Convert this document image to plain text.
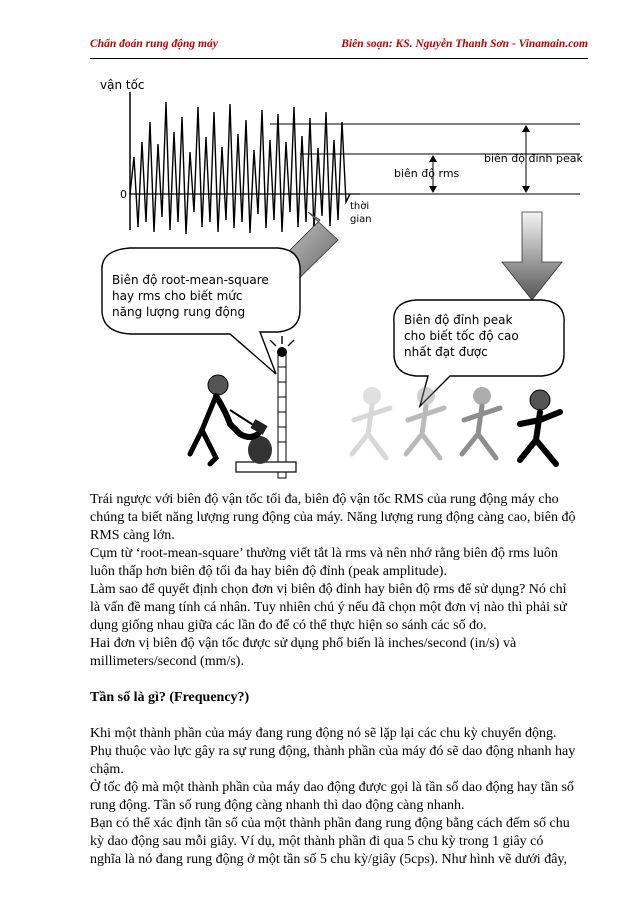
Chẩn đoán rung động máy	Biên soạn: KS. Nguyễn Thanh Sơn - Vinamain.com
vận tốc
0
thời
gian
biên độ rms
biên độ đỉnh peak
Biên độ root-mean-square
hay rms cho biết mức
năng lượng rung động
Biên độ đỉnh peak
cho biết tốc độ cao
nhất đạt được

Trái ngược với biên độ vận tốc tối đa, biên độ vận tốc RMS của rung động máy cho

chúng ta biết năng lượng rung động của máy. Năng lượng rung động càng cao, biên độ

RMS càng lớn.

Cụm từ ‘root-mean-square’ thường viết tắt là rms và nên nhớ rằng biên độ rms luôn

luôn thấp hơn biên độ tối đa hay biên độ đỉnh (peak amplitude).

Làm sao để quyết định chọn đơn vị biên độ đỉnh hay biên độ rms để sử dụng? Nó chỉ

là vấn đề mang tính cá nhân. Tuy nhiên chú ý nếu đã chọn một đơn vị nào thì phải sử

dụng giống nhau giữa các lần đo để có thể thực hiện so sánh các số đo.

Hai đơn vị biên độ vận tốc được sử dụng phổ biến là inches/second (in/s) và

millimeters/second (mm/s).

Tần số là gì? (Frequency?)

Khi một thành phần của máy đang rung động nó sẽ lặp lại các chu kỳ chuyển động.

Phụ thuộc vào lực gây ra sự rung động, thành phần của máy đó sẽ dao động nhanh hay

chậm.

Ở tốc độ mà một thành phần của máy dao động được gọi là tần số dao động hay tần số

rung động. Tần số rung động càng nhanh thì dao động càng nhanh.

Bạn có thể xác định tần số của một thành phần đang rung động bằng cách đếm số chu

kỳ dao động sau mỗi giây. Ví dụ, một thành phần đi qua 5 chu kỳ trong 1 giây có

nghĩa là nó đang rung động ở một tần số 5 chu kỳ/giây (5cps). Như hình vẽ dưới đây,
